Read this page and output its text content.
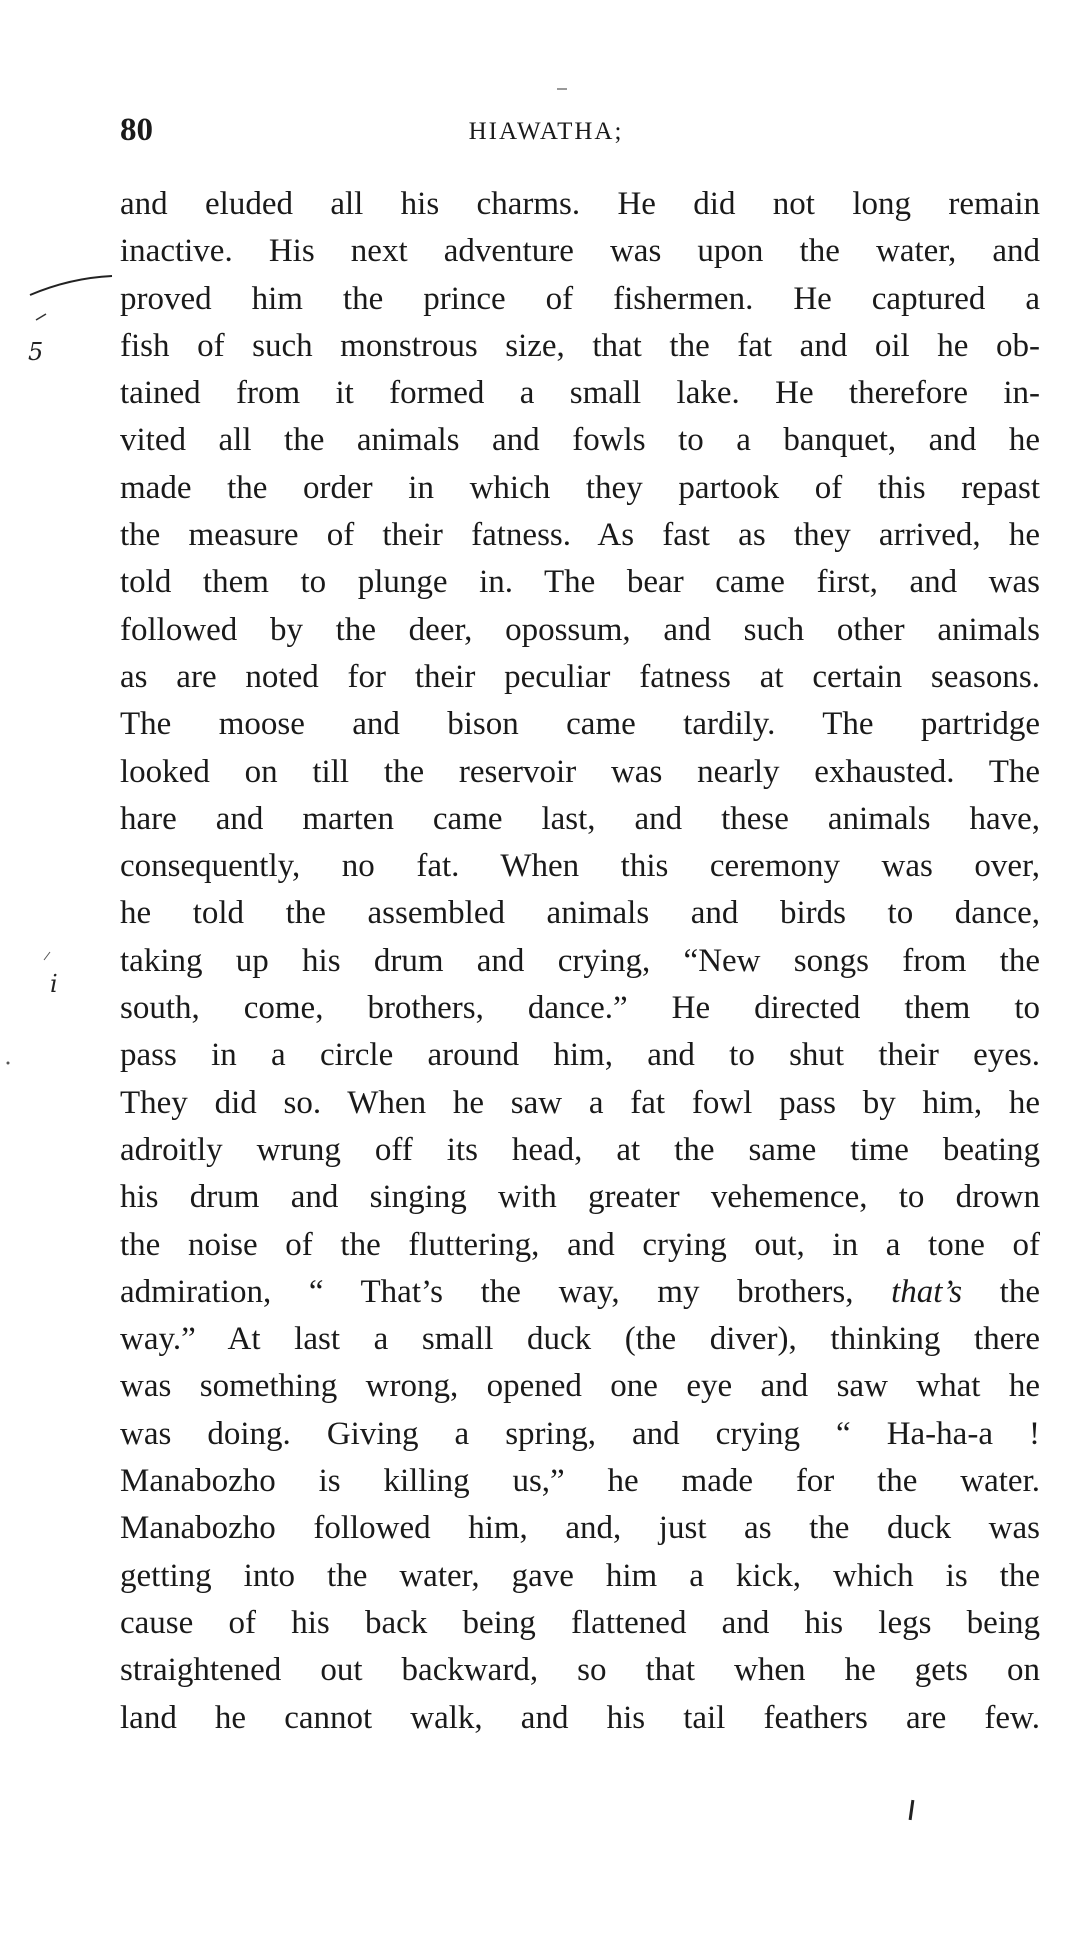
80	HIAWATHA;
and eluded all his charms. He did not long remain
inactive. His next adventure was upon the water, and
proved him the prince of fishermen. He captured a
fish of such monstrous size, that the fat and oil he ob-
tained from it formed a small lake. He therefore in-
vited all the animals and fowls to a banquet, and he
made the order in which they partook of this repast
the measure of their fatness. As fast as they arrived, he
told them to plunge in. The bear came first, and was
followed by the deer, opossum, and such other animals
as are noted for their peculiar fatness at certain seasons.
The moose and bison came tardily. The partridge
looked on till the reservoir was nearly exhausted. The
hare and marten came last, and these animals have,
consequently, no fat. When this ceremony was over,
he told the assembled animals and birds to dance,
taking up his drum and crying, “New songs from the
south, come, brothers, dance.” He directed them to
pass in a circle around him, and to shut their eyes.
They did so. When he saw a fat fowl pass by him, he
adroitly wrung off its head, at the same time beating
his drum and singing with greater vehemence, to drown
the noise of the fluttering, and crying out, in a tone of
admiration, “ That’s the way, my brothers, that’s the
way.” At last a small duck (the diver), thinking there
was something wrong, opened one eye and saw what he
was doing. Giving a spring, and crying “ Ha-ha-a !
Manabozho is killing us,” he made for the water.
Manabozho followed him, and, just as the duck was
getting into the water, gave him a kick, which is the
cause of his back being flattened and his legs being
straightened out backward, so that when he gets on
land he cannot walk, and his tail feathers are few.
5
i
